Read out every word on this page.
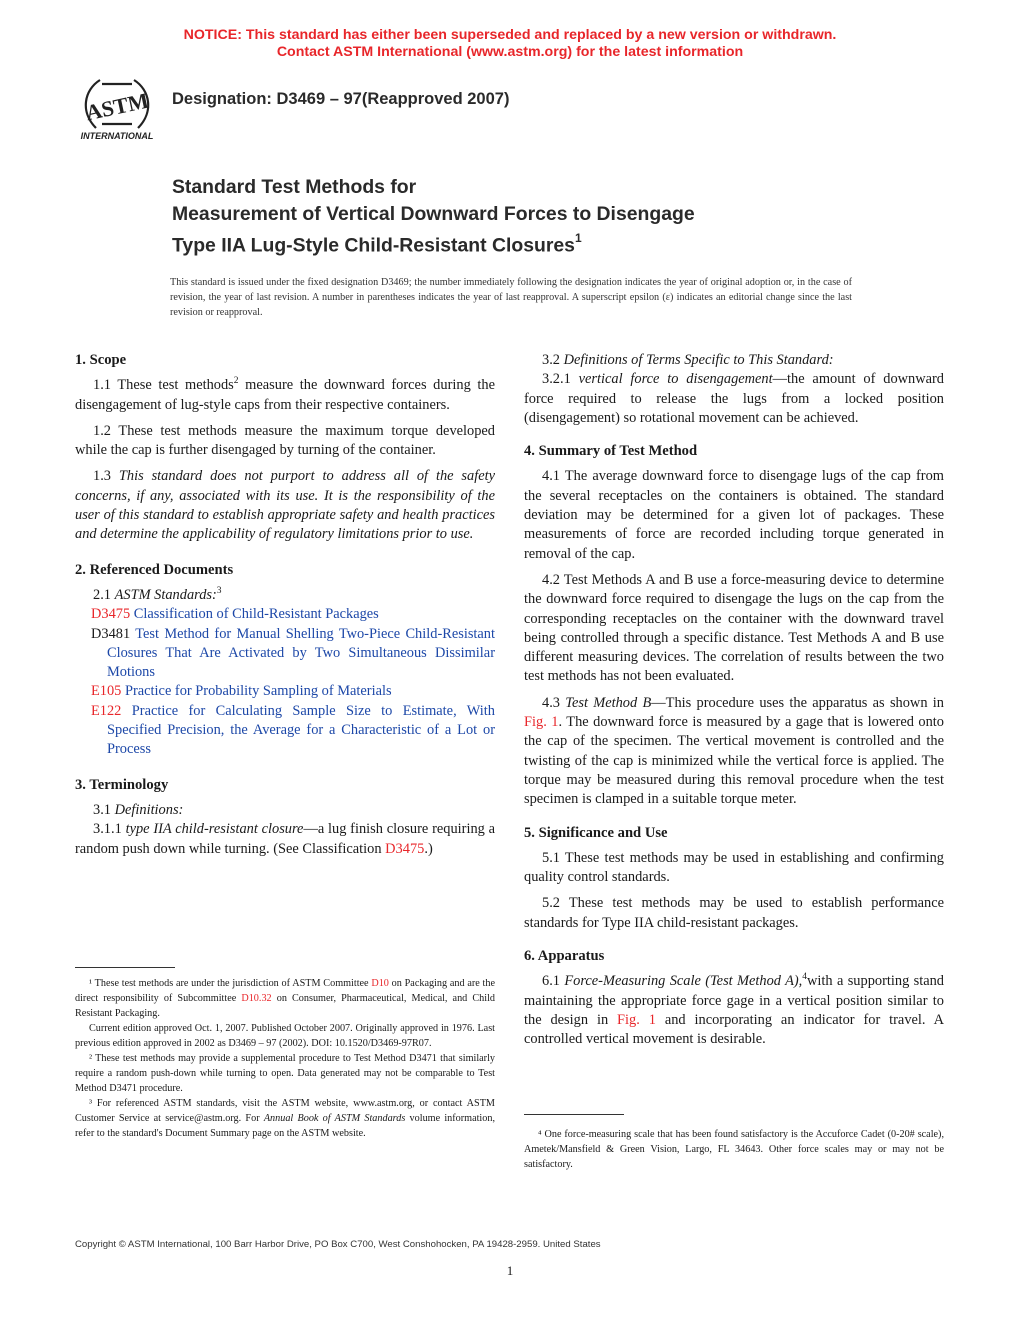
NOTICE: This standard has either been superseded and replaced by a new version or withdrawn.
Contact ASTM International (www.astm.org) for the latest information
ASTM
INTERNATIONAL
Designation: D3469 – 97(Reapproved 2007)
Standard Test Methods for
Measurement of Vertical Downward Forces to Disengage
Type IIA Lug-Style Child-Resistant Closures$^1$
This standard is issued under the fixed designation D3469; the number immediately following the designation indicates the year of original adoption or, in the case of revision, the year of last revision. A number in parentheses indicates the year of last reapproval. A superscript epsilon (ε) indicates an editorial change since the last revision or reapproval.

1. Scope

1.1 These test methods$^2$ measure the downward forces during the disengagement of lug-style caps from their respective containers.

1.2 These test methods measure the maximum torque developed while the cap is further disengaged by turning of the container.

1.3 This standard does not purport to address all of the safety concerns, if any, associated with its use. It is the responsibility of the user of this standard to establish appropriate safety and health practices and determine the applicability of regulatory limitations prior to use.

2. Referenced Documents

2.1 ASTM Standards:$^3$

D3475 Classification of Child-Resistant Packages

D3481 Test Method for Manual Shelling Two-Piece Child-Resistant Closures That Are Activated by Two Simultaneous Dissimilar Motions

E105 Practice for Probability Sampling of Materials

E122 Practice for Calculating Sample Size to Estimate, With Specified Precision, the Average for a Characteristic of a Lot or Process

3. Terminology

3.1 Definitions:

3.1.1 type IIA child-resistant closure—a lug finish closure requiring a random push down while turning. (See Classification D3475.)

¹ These test methods are under the jurisdiction of ASTM Committee D10 on Packaging and are the direct responsibility of Subcommittee D10.32 on Consumer, Pharmaceutical, Medical, and Child Resistant Packaging.

Current edition approved Oct. 1, 2007. Published October 2007. Originally approved in 1976. Last previous edition approved in 2002 as D3469 – 97 (2002). DOI: 10.1520/D3469-97R07.

² These test methods may provide a supplemental procedure to Test Method D3471 that similarly require a random push-down while turning to open. Data generated may not be comparable to Test Method D3471 procedure.

³ For referenced ASTM standards, visit the ASTM website, www.astm.org, or contact ASTM Customer Service at service@astm.org. For Annual Book of ASTM Standards volume information, refer to the standard's Document Summary page on the ASTM website.

3.2 Definitions of Terms Specific to This Standard:

3.2.1 vertical force to disengagement—the amount of downward force required to release the lugs from a locked position (disengagement) so rotational movement can be achieved.

4. Summary of Test Method

4.1 The average downward force to disengage lugs of the cap from the several receptacles on the containers is obtained. The standard deviation may be determined for a given lot of packages. These measurements of force are recorded including torque generated in removal of the cap.

4.2 Test Methods A and B use a force-measuring device to determine the downward force required to disengage the lugs on the cap from the corresponding receptacles on the container with the downward travel being controlled through a specific distance. Test Methods A and B use different measuring devices. The correlation of results between the two test methods has not been evaluated.

4.3 Test Method B—This procedure uses the apparatus as shown in Fig. 1. The downward force is measured by a gage that is lowered onto the cap of the specimen. The vertical movement is controlled and the twisting of the cap is minimized while the vertical force is applied. The torque may be measured during this removal procedure when the test specimen is clamped in a suitable torque meter.

5. Significance and Use

5.1 These test methods may be used in establishing and confirming quality control standards.

5.2 These test methods may be used to establish performance standards for Type IIA child-resistant packages.

6. Apparatus

6.1 Force-Measuring Scale (Test Method A),$^4$with a supporting stand maintaining the appropriate force gage in a vertical position similar to the design in Fig. 1 and incorporating an indicator for travel. A controlled vertical movement is desirable.

⁴ One force-measuring scale that has been found satisfactory is the Accuforce Cadet (0-20# scale), Ametek/Mansfield & Green Vision, Largo, FL 34643. Other force scales may or may not be satisfactory.

Copyright © ASTM International, 100 Barr Harbor Drive, PO Box C700, West Conshohocken, PA 19428-2959. United States
1
